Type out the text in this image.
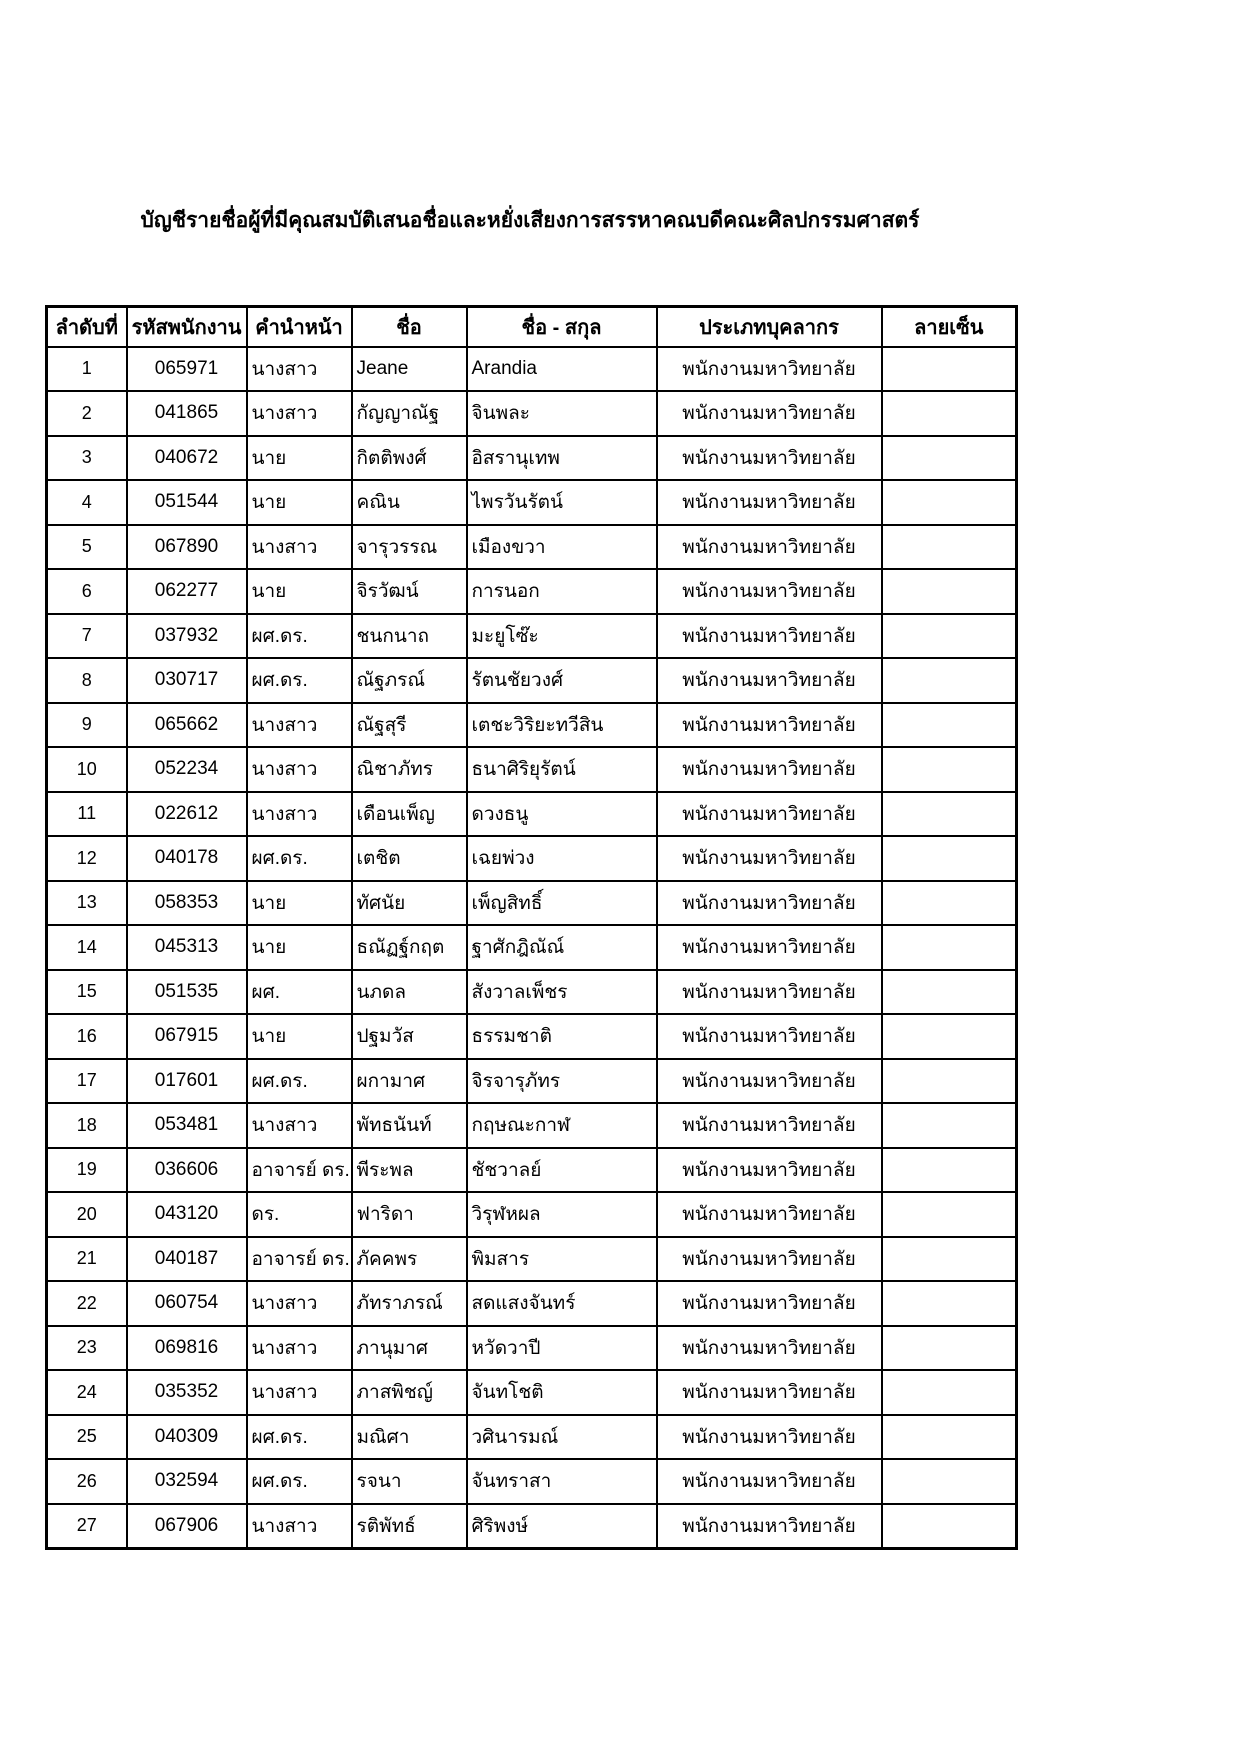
บัญชีรายชื่อผู้ที่มีคุณสมบัติเสนอชื่อและหยั่งเสียงการสรรหาคณบดีคณะศิลปกรรมศาสตร์
ลำดับที่	รหัสพนักงาน	คำนำหน้า	ชื่อ	ชื่อ - สกุล	ประเภทบุคลากร	ลายเซ็น
1	065971	นางสาว	Jeane	Arandia	พนักงานมหาวิทยาลัย	
2	041865	นางสาว	กัญญาณัฐ	จินพละ	พนักงานมหาวิทยาลัย	
3	040672	นาย	กิตติพงศ์	อิสรานุเทพ	พนักงานมหาวิทยาลัย	
4	051544	นาย	คณิน	ไพรวันรัตน์	พนักงานมหาวิทยาลัย	
5	067890	นางสาว	จารุวรรณ	เมืองขวา	พนักงานมหาวิทยาลัย	
6	062277	นาย	จิรวัฒน์	การนอก	พนักงานมหาวิทยาลัย	
7	037932	ผศ.ดร.	ชนกนาถ	มะยูโซ๊ะ	พนักงานมหาวิทยาลัย	
8	030717	ผศ.ดร.	ณัฐภรณ์	รัตนชัยวงศ์	พนักงานมหาวิทยาลัย	
9	065662	นางสาว	ณัฐสุรี	เตชะวิริยะทวีสิน	พนักงานมหาวิทยาลัย	
10	052234	นางสาว	ณิชาภัทร	ธนาศิริยุรัตน์	พนักงานมหาวิทยาลัย	
11	022612	นางสาว	เดือนเพ็ญ	ดวงธนู	พนักงานมหาวิทยาลัย	
12	040178	ผศ.ดร.	เตชิต	เฉยพ่วง	พนักงานมหาวิทยาลัย	
13	058353	นาย	ทัศนัย	เพ็ญสิทธิ์	พนักงานมหาวิทยาลัย	
14	045313	นาย	ธณัฏฐ์กฤต	ฐาศักฎิณัณ์	พนักงานมหาวิทยาลัย	
15	051535	ผศ.	นภดล	สังวาลเพ็ชร	พนักงานมหาวิทยาลัย	
16	067915	นาย	ปฐมวัส	ธรรมชาติ	พนักงานมหาวิทยาลัย	
17	017601	ผศ.ดร.	ผกามาศ	จิรจารุภัทร	พนักงานมหาวิทยาลัย	
18	053481	นางสาว	พัทธนันท์	กฤษณะกาฬ	พนักงานมหาวิทยาลัย	
19	036606	อาจารย์ ดร.	พีระพล	ชัชวาลย์	พนักงานมหาวิทยาลัย	
20	043120	ดร.	ฟาริดา	วิรุฬหผล	พนักงานมหาวิทยาลัย	
21	040187	อาจารย์ ดร.	ภัคคพร	พิมสาร	พนักงานมหาวิทยาลัย	
22	060754	นางสาว	ภัทราภรณ์	สดแสงจันทร์	พนักงานมหาวิทยาลัย	
23	069816	นางสาว	ภานุมาศ	หวัดวาปี	พนักงานมหาวิทยาลัย	
24	035352	นางสาว	ภาสพิชญ์	จันทโชติ	พนักงานมหาวิทยาลัย	
25	040309	ผศ.ดร.	มณิศา	วศินารมณ์	พนักงานมหาวิทยาลัย	
26	032594	ผศ.ดร.	รจนา	จันทราสา	พนักงานมหาวิทยาลัย	
27	067906	นางสาว	รติพัทธ์	ศิริพงษ์	พนักงานมหาวิทยาลัย	
